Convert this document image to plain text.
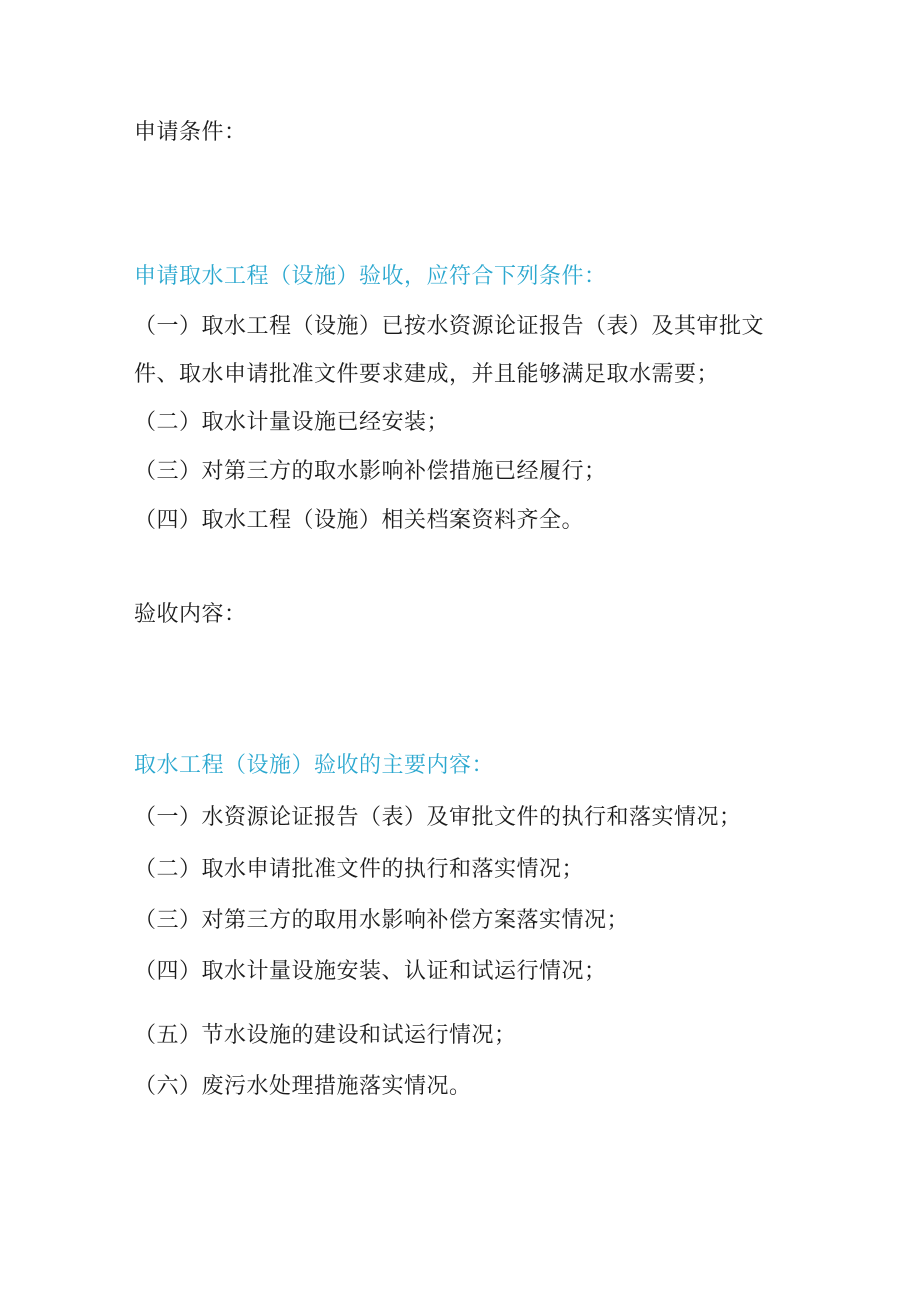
申请条件：
申请取水工程（设施）验收，应符合下列条件：
（一）取水工程（设施）已按水资源论证报告（表）及其审批文
件、取水申请批准文件要求建成，并且能够满足取水需要；
（二）取水计量设施已经安装；
（三）对第三方的取水影响补偿措施已经履行；
（四）取水工程（设施）相关档案资料齐全。
验收内容：
取水工程（设施）验收的主要内容：
（一）水资源论证报告（表）及审批文件的执行和落实情况；
（二）取水申请批准文件的执行和落实情况；
（三）对第三方的取用水影响补偿方案落实情况；
（四）取水计量设施安装、认证和试运行情况；
（五）节水设施的建设和试运行情况；
（六）废污水处理措施落实情况。
